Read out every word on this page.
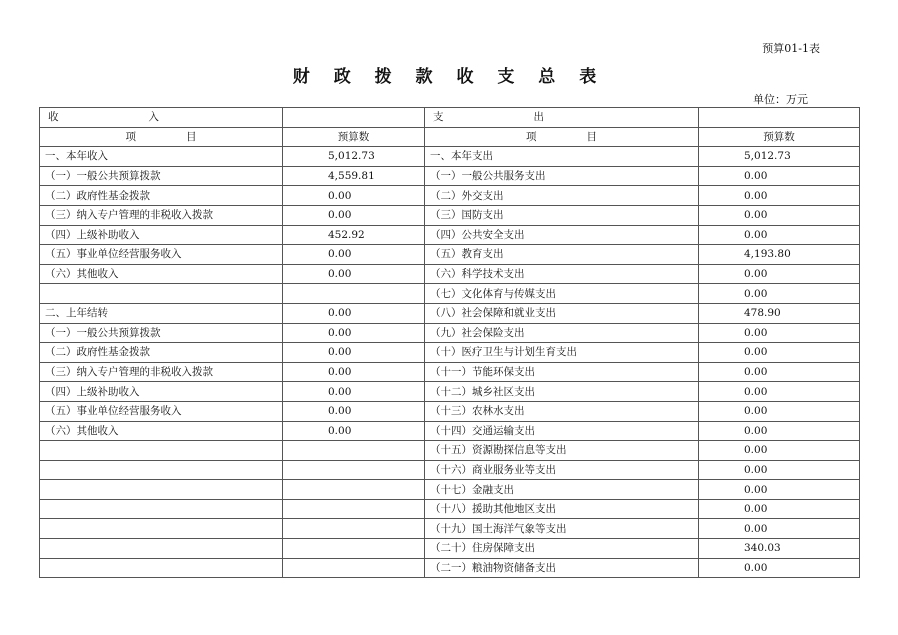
预算01-1表
财 政 拨 款 收 支 总 表
单位：万元
收 入		支 出	
项 目	预算数	项 目	预算数
一、本年收入	5,012.73	一、本年支出	5,012.73
（一）一般公共预算拨款	4,559.81	（一）一般公共服务支出	0.00
（二）政府性基金拨款	0.00	（二）外交支出	0.00
（三）纳入专户管理的非税收入拨款	0.00	（三）国防支出	0.00
（四）上级补助收入	452.92	（四）公共安全支出	0.00
（五）事业单位经营服务收入	0.00	（五）教育支出	4,193.80
（六）其他收入	0.00	（六）科学技术支出	0.00
		（七）文化体育与传媒支出	0.00
二、上年结转	0.00	（八）社会保障和就业支出	478.90
（一）一般公共预算拨款	0.00	（九）社会保险支出	0.00
（二）政府性基金拨款	0.00	（十）医疗卫生与计划生育支出	0.00
（三）纳入专户管理的非税收入拨款	0.00	（十一）节能环保支出	0.00
（四）上级补助收入	0.00	（十二）城乡社区支出	0.00
（五）事业单位经营服务收入	0.00	（十三）农林水支出	0.00
（六）其他收入	0.00	（十四）交通运输支出	0.00
		（十五）资源勘探信息等支出	0.00
		（十六）商业服务业等支出	0.00
		（十七）金融支出	0.00
		（十八）援助其他地区支出	0.00
		（十九）国土海洋气象等支出	0.00
		（二十）住房保障支出	340.03
		（二一）粮油物资储备支出	0.00
